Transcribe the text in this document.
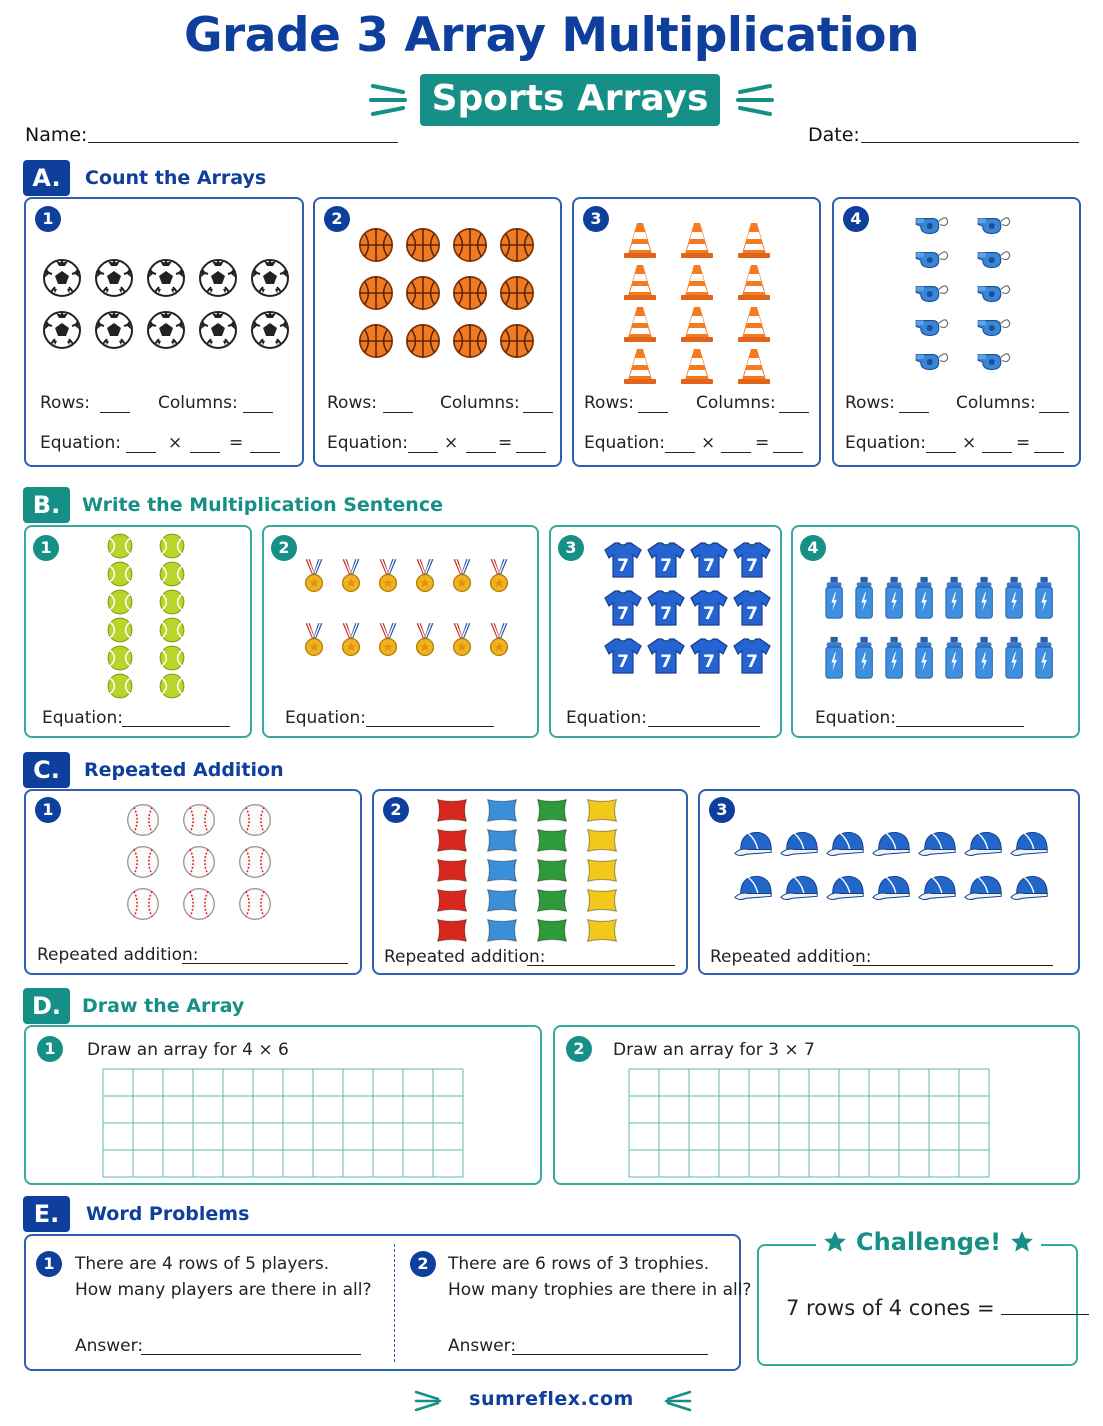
Grade 3 Array Multiplication
Sports Arrays
Name:	Date:
A.	Count the Arrays
B.	Write the Multiplication Sentence
C.	Repeated Addition
D.	Draw the Array
E.	Word Problems
1
Rows:	Columns:
Equation:	×	=
2
Rows:	Columns:
Equation: × =
3
Rows:	Columns:
Equation: × =
4
Rows:	Columns:
Equation: × =
1
Equation:
2
Equation:
3
7 7 7 7
7 7 7 7
7 7 7 7
Equation:
4
Equation:
1
Repeated addition:
2
Repeated addition:
3
Repeated addition:
1	Draw an array for 4 × 6	2	Draw an array for 3 × 7
1	There are 4 rows of 5 players.
How many players are there in all?
Answer:
2	There are 6 rows of 3 trophies.
How many trophies are there in all?
Answer:
Challenge!
7 rows of 4 cones =
sumreflex.com
